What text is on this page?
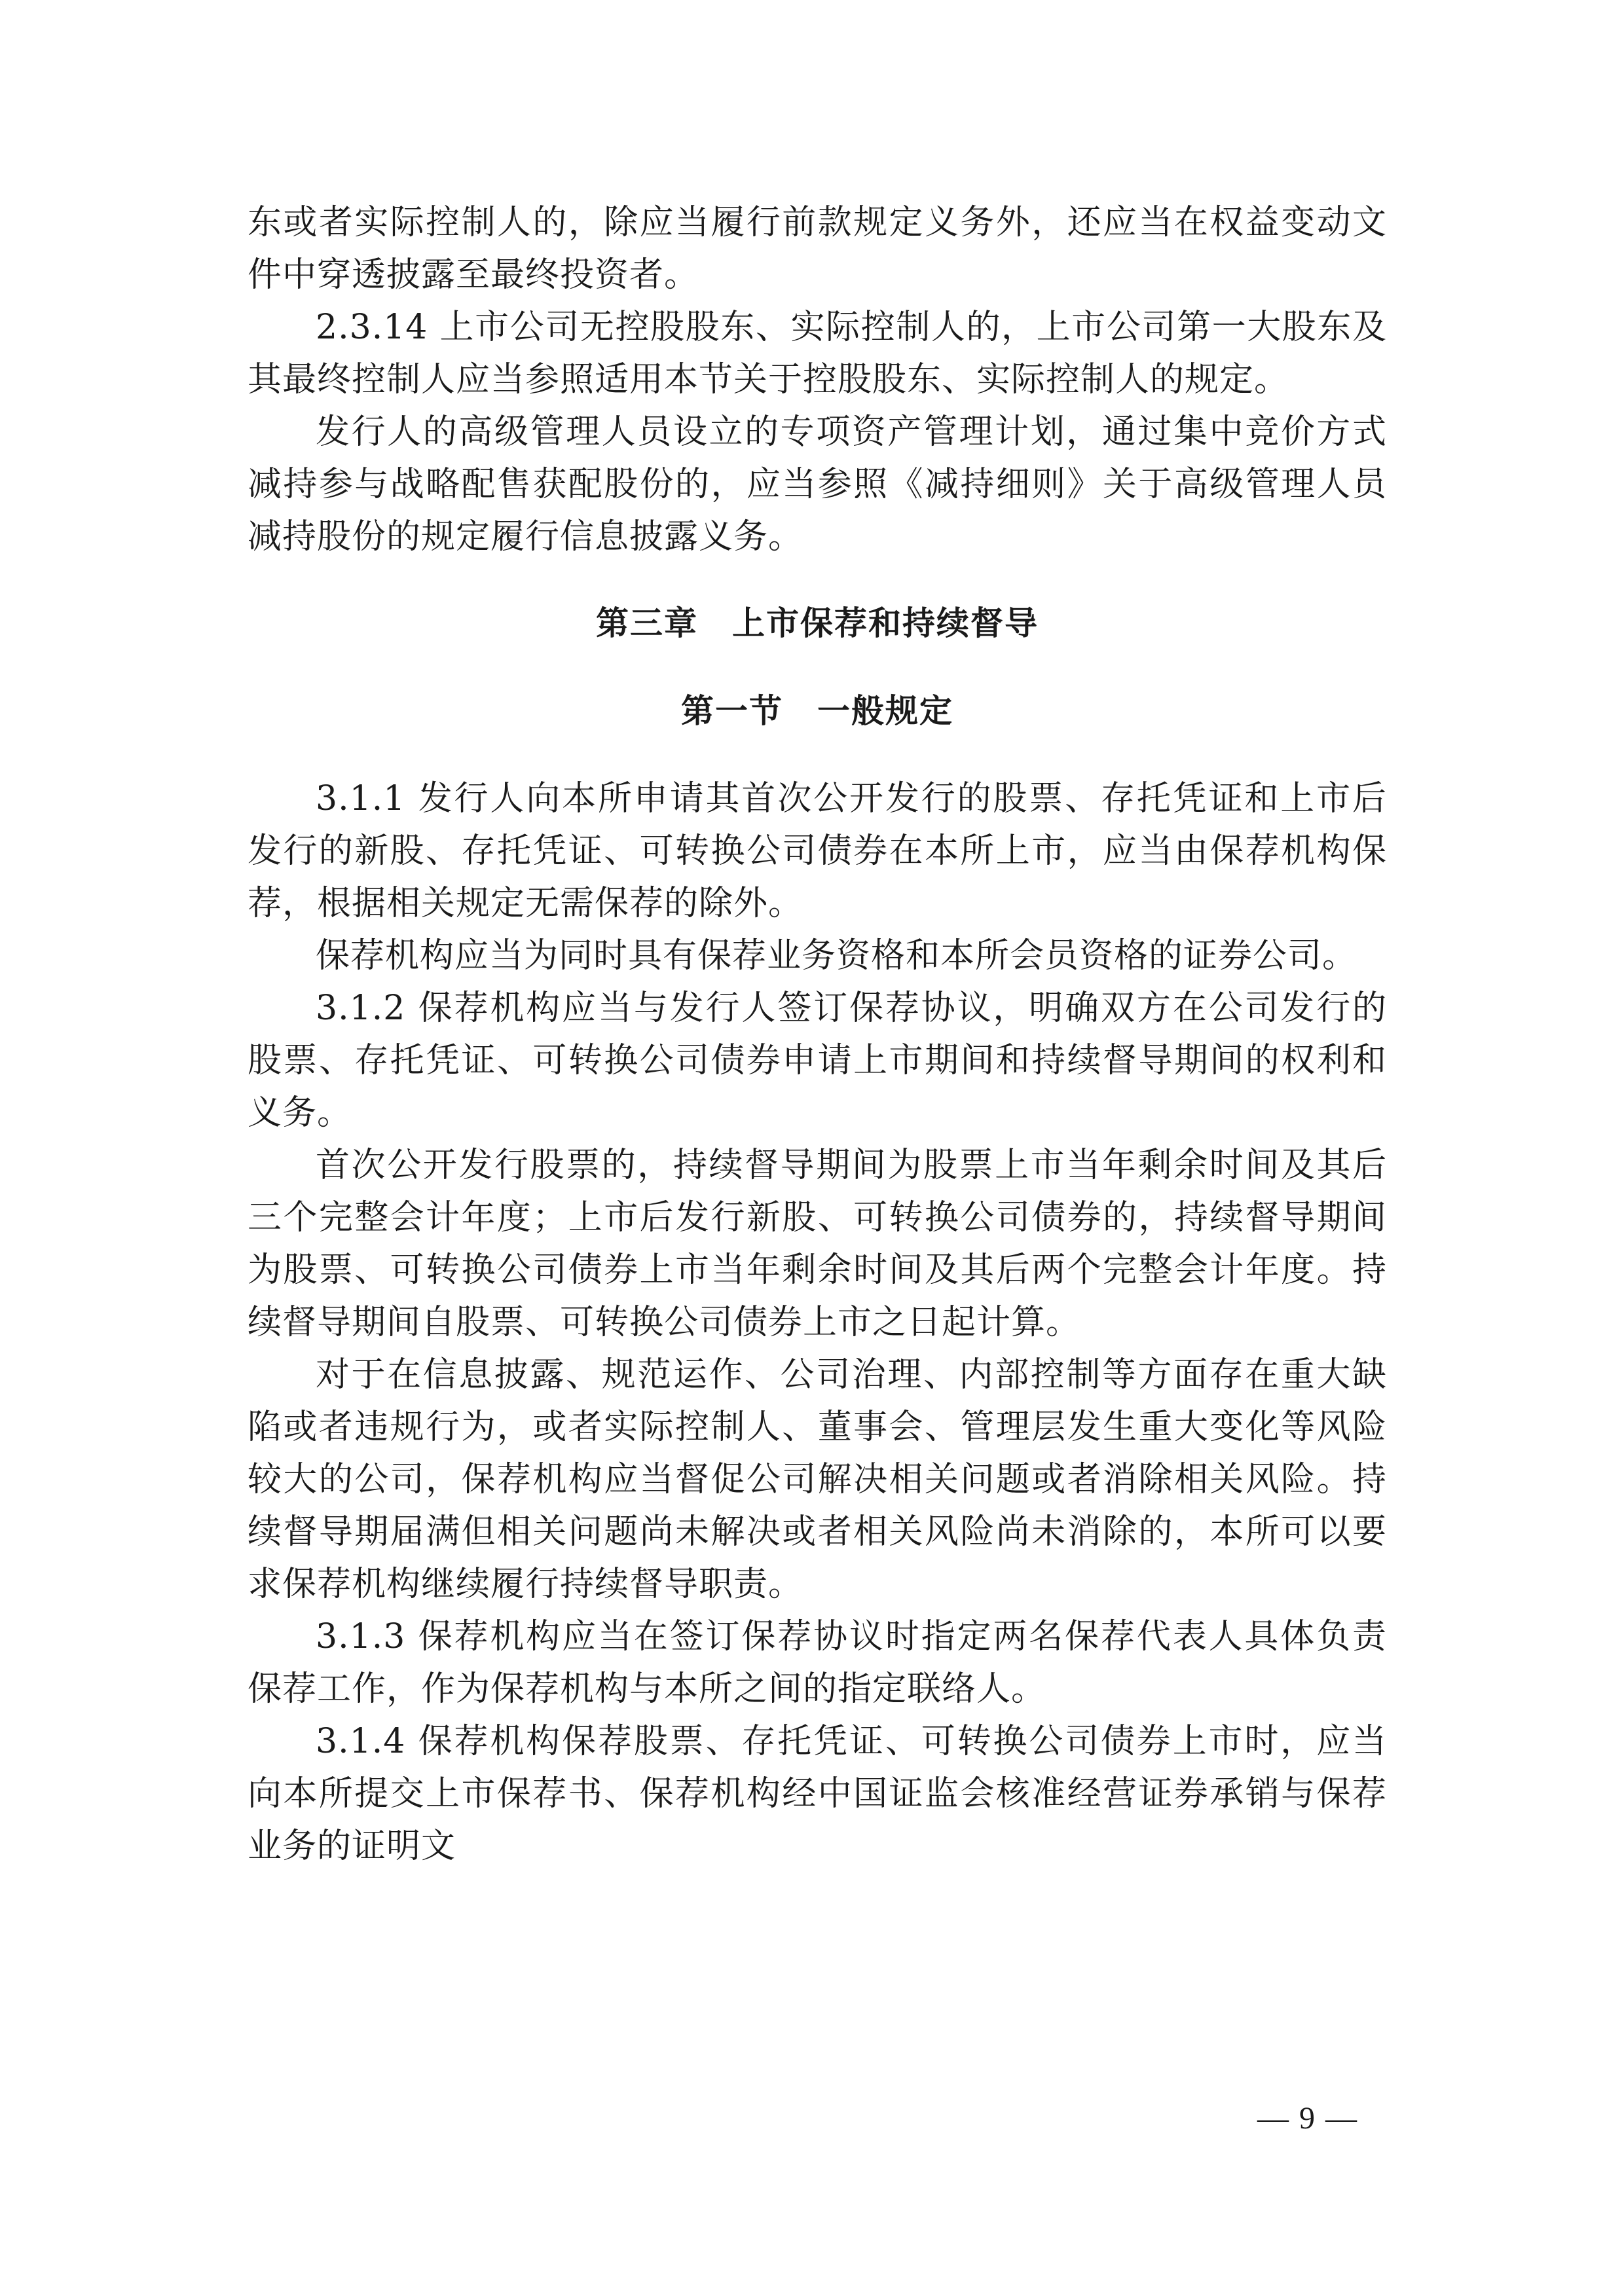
东或者实际控制人的，除应当履行前款规定义务外，还应当在权益变动文件中穿透披露至最终投资者。

2.3.14 上市公司无控股股东、实际控制人的，上市公司第一大股东及其最终控制人应当参照适用本节关于控股股东、实际控制人的规定。

发行人的高级管理人员设立的专项资产管理计划，通过集中竞价方式减持参与战略配售获配股份的，应当参照《减持细则》关于高级管理人员减持股份的规定履行信息披露义务。

第三章　上市保荐和持续督导
第一节　一般规定

3.1.1 发行人向本所申请其首次公开发行的股票、存托凭证和上市后发行的新股、存托凭证、可转换公司债券在本所上市，应当由保荐机构保荐，根据相关规定无需保荐的除外。

保荐机构应当为同时具有保荐业务资格和本所会员资格的证券公司。

3.1.2 保荐机构应当与发行人签订保荐协议，明确双方在公司发行的股票、存托凭证、可转换公司债券申请上市期间和持续督导期间的权利和义务。

首次公开发行股票的，持续督导期间为股票上市当年剩余时间及其后三个完整会计年度；上市后发行新股、可转换公司债券的，持续督导期间为股票、可转换公司债券上市当年剩余时间及其后两个完整会计年度。持续督导期间自股票、可转换公司债券上市之日起计算。

对于在信息披露、规范运作、公司治理、内部控制等方面存在重大缺陷或者违规行为，或者实际控制人、董事会、管理层发生重大变化等风险较大的公司，保荐机构应当督促公司解决相关问题或者消除相关风险。持续督导期届满但相关问题尚未解决或者相关风险尚未消除的，本所可以要求保荐机构继续履行持续督导职责。

3.1.3 保荐机构应当在签订保荐协议时指定两名保荐代表人具体负责保荐工作，作为保荐机构与本所之间的指定联络人。

3.1.4 保荐机构保荐股票、存托凭证、可转换公司债券上市时，应当向本所提交上市保荐书、保荐机构经中国证监会核准经营证券承销与保荐业务的证明文

— 9 —
